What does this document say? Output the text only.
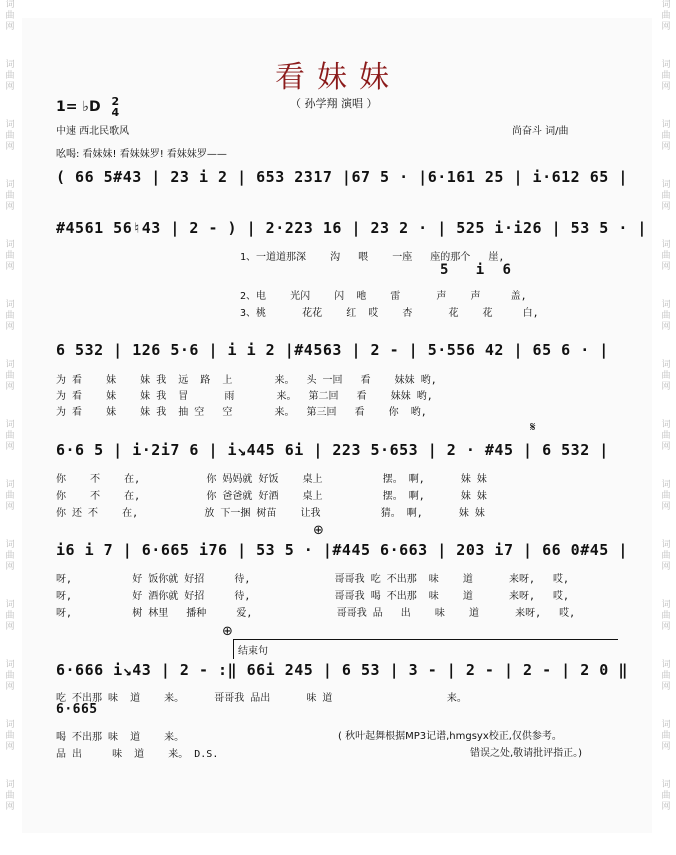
词
曲
网
词
曲
网
词
曲
网
词
曲
网
词
曲
网
词
曲
网
词
曲
网
词
曲
网
词
曲
网
词
曲
网
词
曲
网
词
曲
网
词
曲
网
词
曲
网
词
曲
网
词
曲
网
词
曲
网
词
曲
网
词
曲
网
词
曲
网
词
曲
网
词
曲
网
词
曲
网
词
曲
网
词
曲
网
词
曲
网
词
曲
网
词
曲
网
看妹妹
（ 孙学翔 演唱 ）
1= ♭D 2
4
中速 西北民歌风	尚奋斗 词/曲
吆喝: 看妹妹! 看妹妹罗! 看妹妹罗——
( 66 5#43 | 23 i 2 | 653 2317 |67 5 · |6·161 25 | i·612 65 |
#4561 56♮43 | 2 - ) | 2·223 16 | 23 2 · | 525 i·i26 | 53 5 · |
1、一道道那深    沟   喂    一座   座的那个   崖,
5   i  6
2、电    光闪    闪  吔    雷      声    声     盖,
3、桃      花花    红  哎    杏      花    花     白,
6 532 | 126 5·6 | i i 2 |#4563 | 2 - | 5·556 42 | 65 6 · |
为 看    妹    妹 我  远  路  上       来。  头 一回   看    妹妹 哟,
为 看    妹    妹 我  冒      雨       来。  第二回   看    妹妹 哟,
为 看    妹    妹 我  抽 空   空       来。  第三回   看    你  哟,
𝄋
6·6 5 | i·2i7 6 | i↘445 6i | 223 5·653 | 2 · #45 | 6 532 |
你    不    在,           你 妈妈就 好饭    桌上          摆。 啊,      妹 妹
你    不    在,           你 爸爸就 好酒    桌上          摆。 啊,      妹 妹
你 还 不    在,           放 下一捆 树苗    让我          猜。 啊,      妹 妹
⊕
i6 i 7 | 6·665 i76 | 53 5 · |#445 6·663 | 203 i7 | 66 0#45 |
呀,          好 饭你就 好招     待,              哥哥我 吃 不出那  味    道      来呀,   哎,
呀,          好 酒你就 好招     待,              哥哥我 喝 不出那  味    道      来呀,   哎,
呀,          树 林里   播种     爱,              哥哥我 品   出    味    道      来呀,   哎,
⊕
结束句
6·666 i↘43 | 2 - :‖ 66i 245 | 6 53 | 3 - | 2 - | 2 - | 2 0 ‖
吃 不出那 味  道    来。     哥哥我 品出      味 道                   来。
6·665
喝 不出那 味  道    来。
品 出     味  道    来。 D.S.
( 秋叶起舞根据MP3记谱,hmgsyx校正,仅供参考。
错误之处,敬请批评指正。)
